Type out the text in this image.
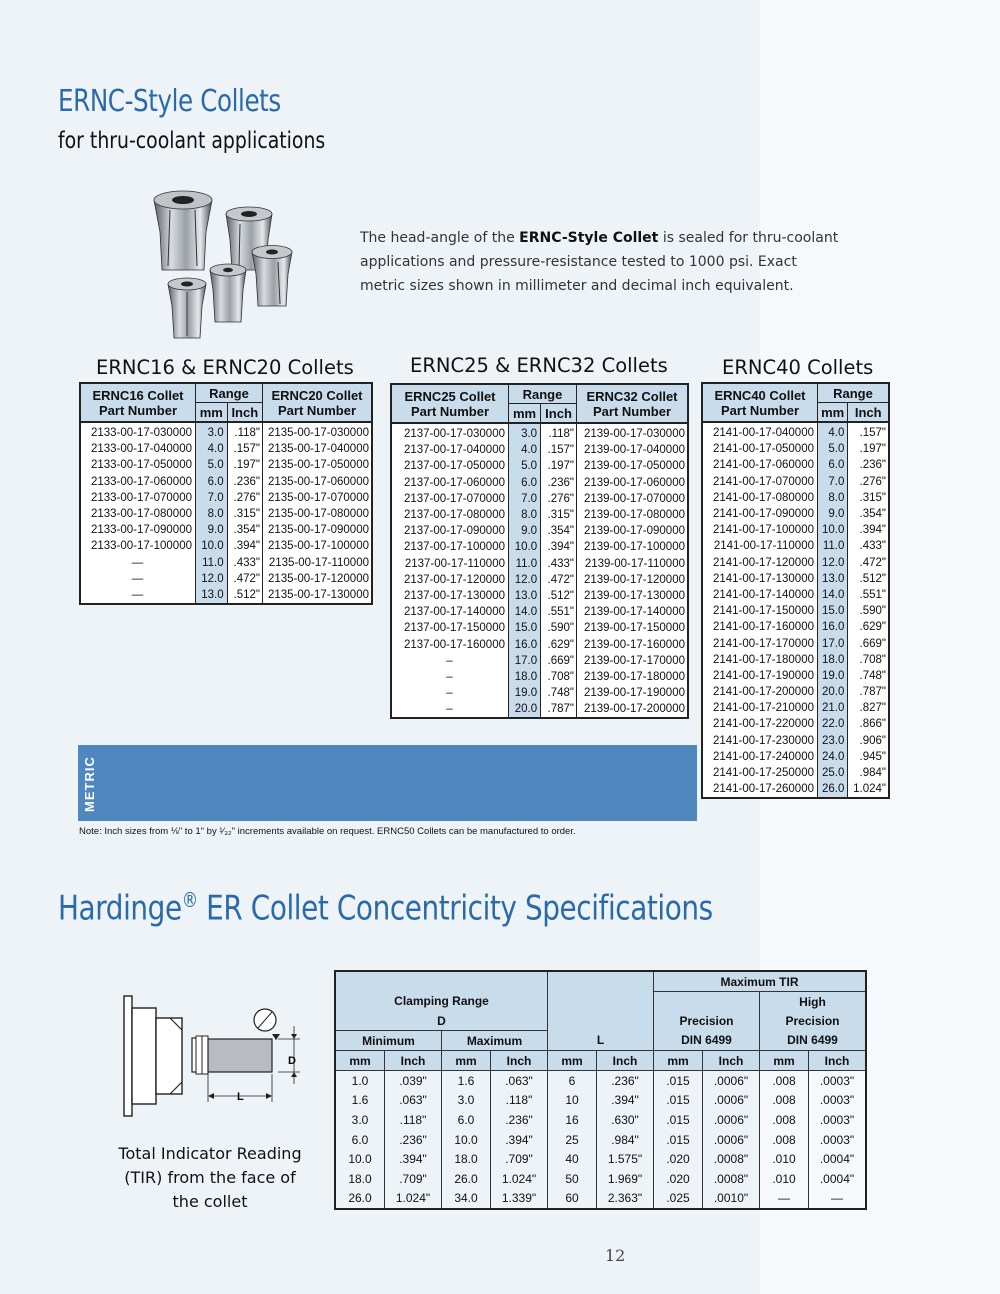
ERNC-Style Collets
for thru-coolant applications
The head-angle of the ERNC-Style Collet is sealed for thru-coolant applications and pressure-resistance tested to 1000 psi. Exact metric sizes shown in millimeter and decimal inch equivalent.
METRIC
ERNC16 & ERNC20 Collets
ERNC16 Collet
Part Number	Range		ERNC20 Collet
Part Number
	mm	Inch	
2133-00-17-030000	3.0	.118"	2135-00-17-030000
2133-00-17-040000	4.0	.157"	2135-00-17-040000
2133-00-17-050000	5.0	.197"	2135-00-17-050000
2133-00-17-060000	6.0	.236"	2135-00-17-060000
2133-00-17-070000	7.0	.276"	2135-00-17-070000
2133-00-17-080000	8.0	.315"	2135-00-17-080000
2133-00-17-090000	9.0	.354"	2135-00-17-090000
2133-00-17-100000	10.0	.394"	2135-00-17-100000
—	11.0	.433"	2135-00-17-110000
—	12.0	.472"	2135-00-17-120000
—	13.0	.512"	2135-00-17-130000
ERNC25 & ERNC32 Collets
ERNC25 Collet
Part Number	Range		ERNC32 Collet
Part Number
	mm	Inch	
2137-00-17-030000	3.0	.118"	2139-00-17-030000
2137-00-17-040000	4.0	.157"	2139-00-17-040000
2137-00-17-050000	5.0	.197"	2139-00-17-050000
2137-00-17-060000	6.0	.236"	2139-00-17-060000
2137-00-17-070000	7.0	.276"	2139-00-17-070000
2137-00-17-080000	8.0	.315"	2139-00-17-080000
2137-00-17-090000	9.0	.354"	2139-00-17-090000
2137-00-17-100000	10.0	.394"	2139-00-17-100000
2137-00-17-110000	11.0	.433"	2139-00-17-110000
2137-00-17-120000	12.0	.472"	2139-00-17-120000
2137-00-17-130000	13.0	.512"	2139-00-17-130000
2137-00-17-140000	14.0	.551"	2139-00-17-140000
2137-00-17-150000	15.0	.590"	2139-00-17-150000
2137-00-17-160000	16.0	.629"	2139-00-17-160000
–	17.0	.669"	2139-00-17-170000
–	18.0	.708"	2139-00-17-180000
–	19.0	.748"	2139-00-17-190000
–	20.0	.787"	2139-00-17-200000
ERNC40 Collets
ERNC40 Collet
Part Number	Range	
	mm	Inch
2141-00-17-040000	4.0	.157"
2141-00-17-050000	5.0	.197"
2141-00-17-060000	6.0	.236"
2141-00-17-070000	7.0	.276"
2141-00-17-080000	8.0	.315"
2141-00-17-090000	9.0	.354"
2141-00-17-100000	10.0	.394"
2141-00-17-110000	11.0	.433"
2141-00-17-120000	12.0	.472"
2141-00-17-130000	13.0	.512"
2141-00-17-140000	14.0	.551"
2141-00-17-150000	15.0	.590"
2141-00-17-160000	16.0	.629"
2141-00-17-170000	17.0	.669"
2141-00-17-180000	18.0	.708"
2141-00-17-190000	19.0	.748"
2141-00-17-200000	20.0	.787"
2141-00-17-210000	21.0	.827"
2141-00-17-220000	22.0	.866"
2141-00-17-230000	23.0	.906"
2141-00-17-240000	24.0	.945"
2141-00-17-250000	25.0	.984"
2141-00-17-260000	26.0	1.024"
Note: Inch sizes from ⅛" to 1" by ¹⁄₃₂" increments available on request. ERNC50 Collets can be manufactured to order.
Hardinge® ER Collet Concentricity Specifications
D
L
Total Indicator Reading (TIR) from the face of the collet
						Maximum TIR			
Clamping Range								High	
D						Precision		Precision	
Minimum		Maximum		L		DIN 6499		DIN 6499	
mm	Inch	mm	Inch	mm	Inch	mm	Inch	mm	Inch
1.0	.039"	1.6	.063"	6	.236"	.015	.0006"	.008	.0003"
1.6	.063"	3.0	.118"	10	.394"	.015	.0006"	.008	.0003"
3.0	.118"	6.0	.236"	16	.630"	.015	.0006"	.008	.0003"
6.0	.236"	10.0	.394"	25	.984"	.015	.0006"	.008	.0003"
10.0	.394"	18.0	.709"	40	1.575"	.020	.0008"	.010	.0004"
18.0	.709"	26.0	1.024"	50	1.969"	.020	.0008"	.010	.0004"
26.0	1.024"	34.0	1.339"	60	2.363"	.025	.0010"	—	—
12
